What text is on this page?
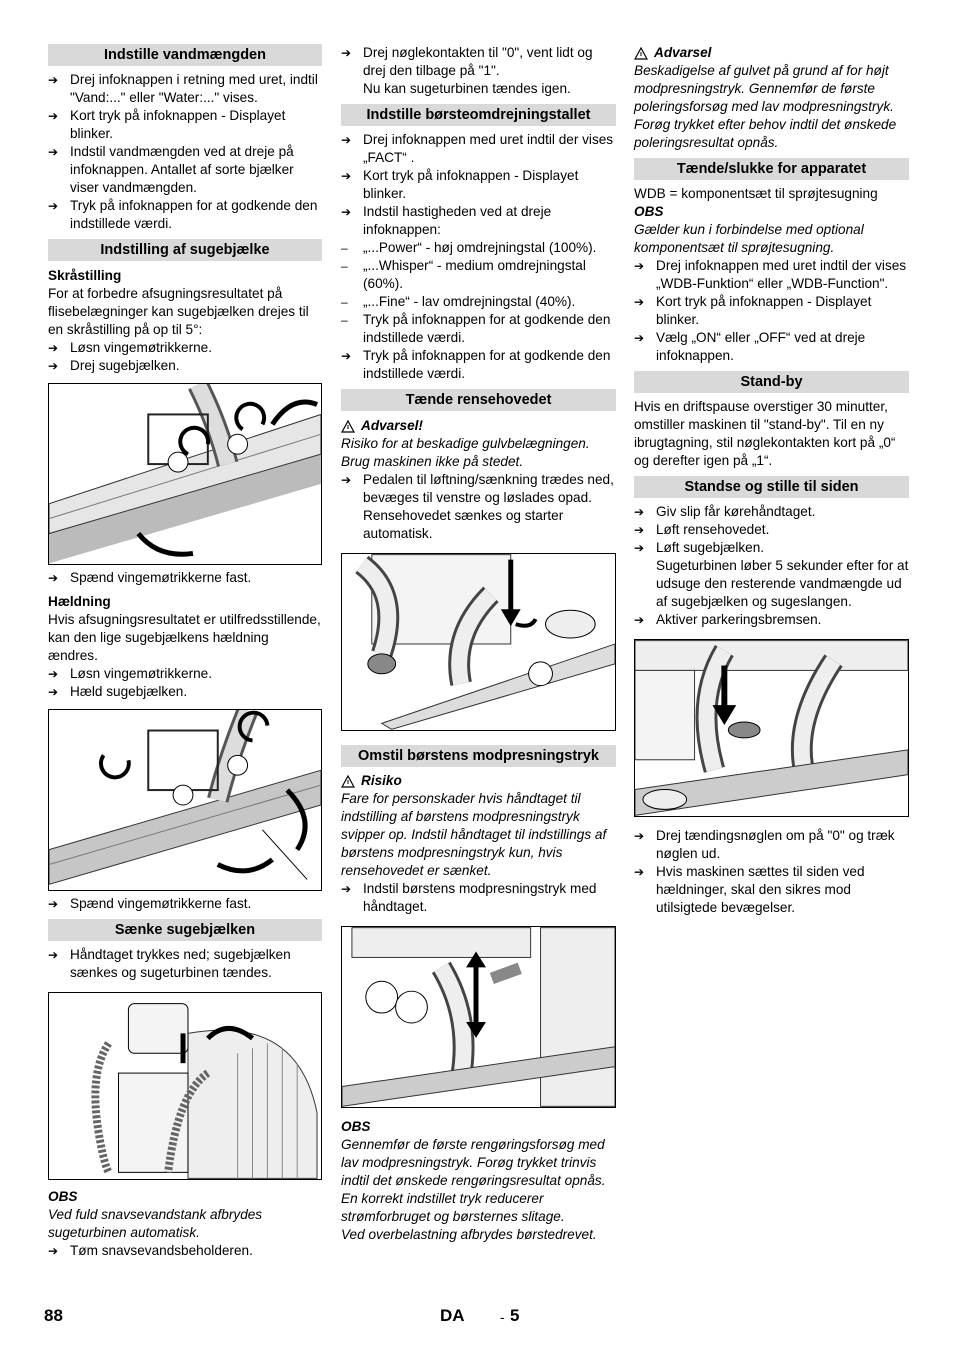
Indstille vandmængden
➔ Drej infoknappen i retning med uret, indtil "Vand:..." eller "Water:..." vises.
➔ Kort tryk på infoknappen - Displayet blinker.
➔ Indstil vandmængden ved at dreje på infoknappen. Antallet af sorte bjælker viser vandmængden.
➔ Tryk på infoknappen for at godkende den indstillede værdi.
Indstilling af sugebjælke

Skråstilling

For at forbedre afsugningsresultatet på flisebelægninger kan sugebjælken drejes til en skråstilling på op til 5°:

➔ Løsn vingemøtrikkerne.
➔ Drej sugebjælken.
➔ Spænd vingemøtrikkerne fast.

Hældning

Hvis afsugningsresultatet er utilfredsstillende, kan den lige sugebjælkens hældning ændres.

➔ Løsn vingemøtrikkerne.
➔ Hæld sugebjælken.
➔ Spænd vingemøtrikkerne fast.
Sænke sugebjælken
➔ Håndtaget trykkes ned; sugebjælken sænkes og sugeturbinen tændes.

OBS

Ved fuld snavsevandstank afbrydes sugeturbinen automatisk.

➔ Tøm snavsevandsbeholderen.
➔ Drej nøglekontakten til "0", vent lidt og drej den tilbage på "1".
Nu kan sugeturbinen tændes igen.
Indstille børsteomdrejningstallet
➔ Drej infoknappen med uret indtil der vises „FACT“ .
➔ Kort tryk på infoknappen - Displayet blinker.
➔ Indstil hastigheden ved at dreje infoknappen:
–	„...Power“ - høj omdrejningstal (100%).
–	„...Whisper“ - medium omdrejningstal (60%).
–	„...Fine“ - lav omdrejningstal (40%).
–	Tryk på infoknappen for at godkende den indstillede værdi.
➔ Tryk på infoknappen for at godkende den indstillede værdi.
Tænde rensehovedet
Advarsel!

Risiko for at beskadige gulvbelægningen. Brug maskinen ikke på stedet.

➔ Pedalen til løftning/sænkning trædes ned, bevæges til venstre og løslades opad.
Rensehovedet sænkes og starter automatisk.
Omstil børstens modpresningstryk
Risiko

Fare for personskader hvis håndtaget til indstilling af børstens modpresningstryk svipper op. Indstil håndtaget til indstillings af børstens modpresningstryk kun, hvis rensehovedet er sænket.

➔ Indstil børstens modpresningstryk med håndtaget.

OBS

Gennemfør de første rengøringsforsøg med lav modpresningstryk. Forøg trykket trinvis indtil det ønskede rengøringsresultat opnås. En korrekt indstillet tryk reducerer strømforbruget og børsternes slitage.

Ved overbelastning afbrydes børstedrevet.

Advarsel

Beskadigelse af gulvet på grund af for højt modpresningstryk. Gennemfør de første poleringsforsøg med lav modpresningstryk. Forøg trykket efter behov indtil det ønskede poleringsresultat opnås.

Tænde/slukke for apparatet

WDB = komponentsæt til sprøjtesugning

OBS

Gælder kun i forbindelse med optional komponentsæt til sprøjtesugning.

➔ Drej infoknappen med uret indtil der vises „WDB-Funktion“ eller „WDB-Function".
➔ Kort tryk på infoknappen - Displayet blinker.
➔ Vælg „ON“ eller „OFF“ ved at dreje infoknappen.
Stand-by

Hvis en driftspause overstiger 30 minutter, omstiller maskinen til "stand-by". Til en ny ibrugtagning, stil nøglekontakten kort på „0“ og derefter igen på „1“.

Standse og stille til siden
➔ Giv slip får kørehåndtaget.
➔ Løft rensehovedet.
➔ Løft sugebjælken.
Sugeturbinen løber 5 sekunder efter for at udsuge den resterende vandmængde ud af sugebjælken og sugeslangen.
➔ Aktiver parkeringsbremsen.
➔ Drej tændingsnøglen om på "0" og træk nøglen ud.
➔ Hvis maskinen sættes til siden ved hældninger, skal den sikres mod utilsigtede bevægelser.
88	DA	- 5
